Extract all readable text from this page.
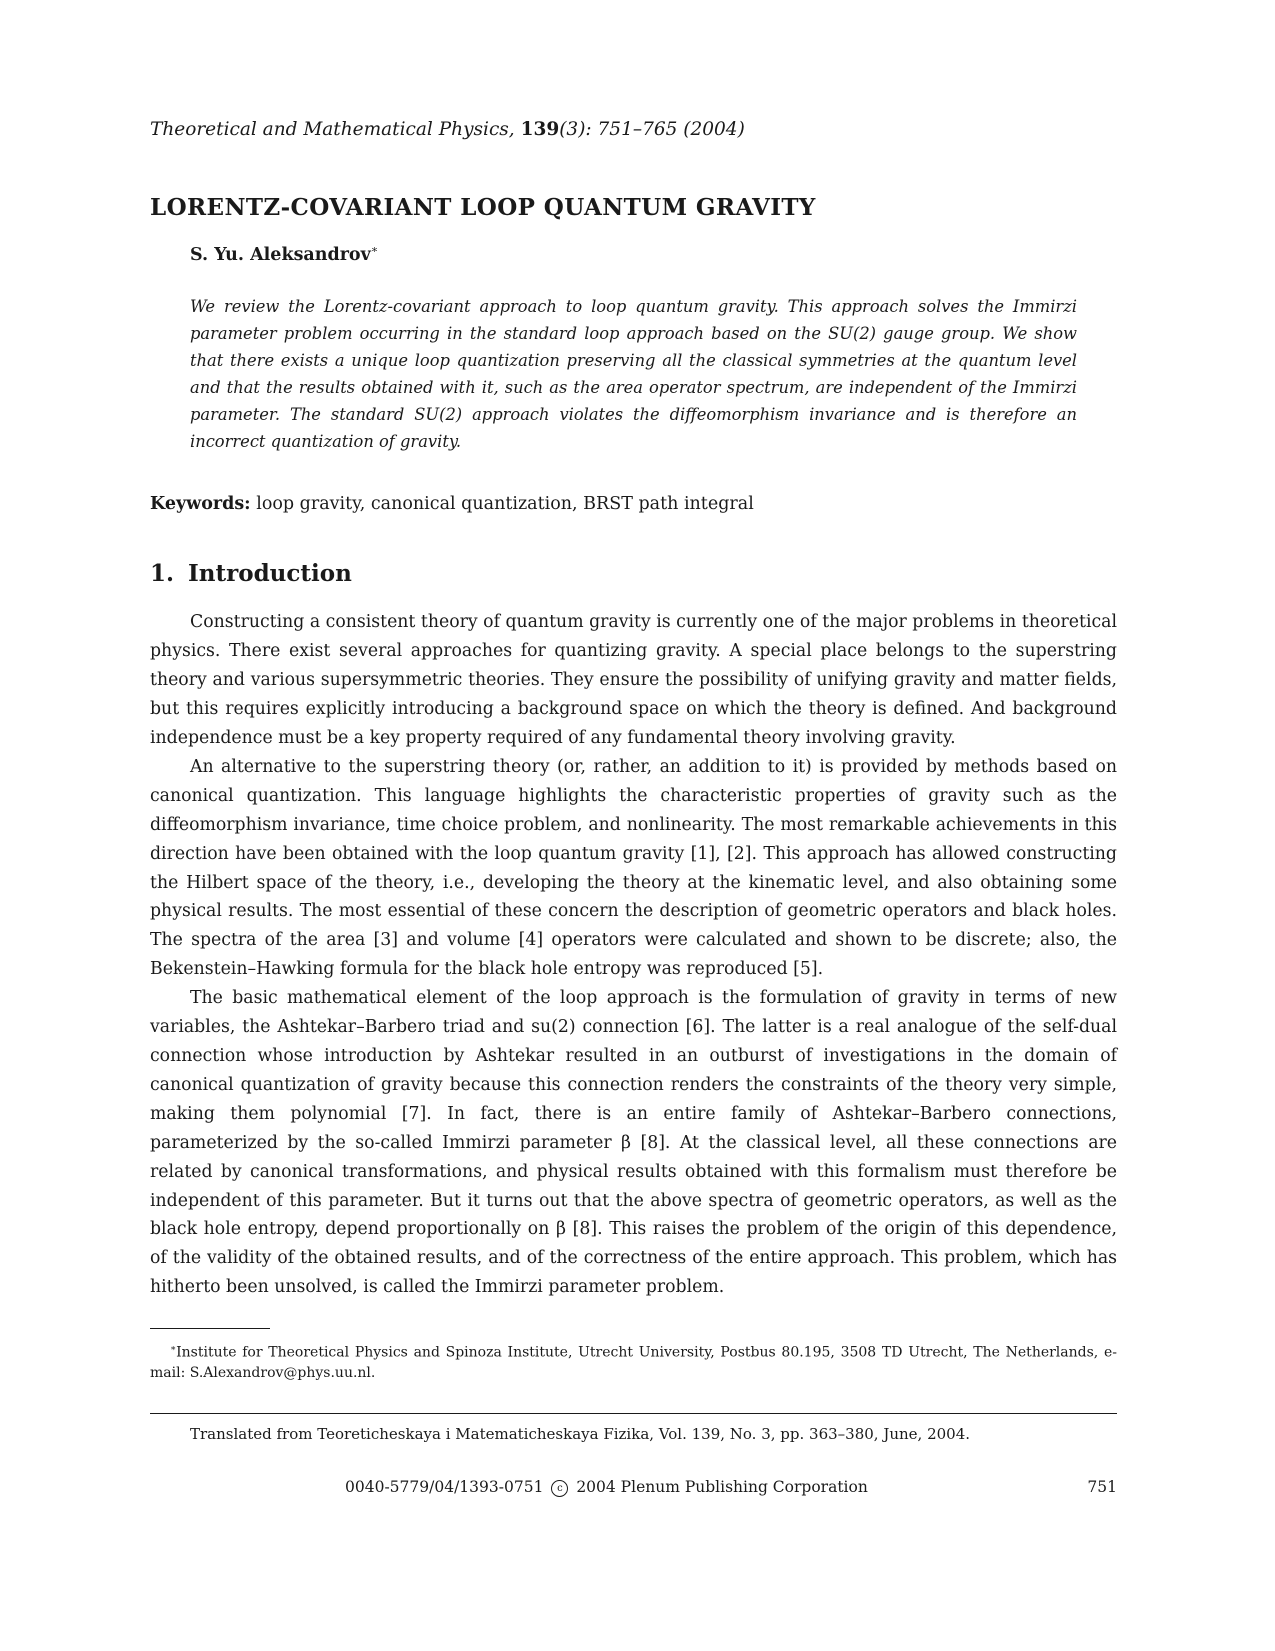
Theoretical and Mathematical Physics, 139(3): 751–765 (2004)

LORENTZ-COVARIANT LOOP QUANTUM GRAVITY
S. Yu. Aleksandrov∗

We review the Lorentz-covariant approach to loop quantum gravity. This approach solves the Immirzi parameter problem occurring in the standard loop approach based on the SU(2) gauge group. We show that there exists a unique loop quantization preserving all the classical symmetries at the quantum level and that the results obtained with it, such as the area operator spectrum, are independent of the Immirzi parameter. The standard SU(2) approach violates the diffeomorphism invariance and is therefore an incorrect quantization of gravity.

Keywords: loop gravity, canonical quantization, BRST path integral

1. Introduction

Constructing a consistent theory of quantum gravity is currently one of the major problems in theoretical physics. There exist several approaches for quantizing gravity. A special place belongs to the superstring theory and various supersymmetric theories. They ensure the possibility of unifying gravity and matter fields, but this requires explicitly introducing a background space on which the theory is defined. And background independence must be a key property required of any fundamental theory involving gravity.

An alternative to the superstring theory (or, rather, an addition to it) is provided by methods based on canonical quantization. This language highlights the characteristic properties of gravity such as the diffeomorphism invariance, time choice problem, and nonlinearity. The most remarkable achievements in this direction have been obtained with the loop quantum gravity [1], [2]. This approach has allowed constructing the Hilbert space of the theory, i.e., developing the theory at the kinematic level, and also obtaining some physical results. The most essential of these concern the description of geometric operators and black holes. The spectra of the area [3] and volume [4] operators were calculated and shown to be discrete; also, the Bekenstein–Hawking formula for the black hole entropy was reproduced [5].

The basic mathematical element of the loop approach is the formulation of gravity in terms of new variables, the Ashtekar–Barbero triad and su(2) connection [6]. The latter is a real analogue of the self-dual connection whose introduction by Ashtekar resulted in an outburst of investigations in the domain of canonical quantization of gravity because this connection renders the constraints of the theory very simple, making them polynomial [7]. In fact, there is an entire family of Ashtekar–Barbero connections, parameterized by the so-called Immirzi parameter β [8]. At the classical level, all these connections are related by canonical transformations, and physical results obtained with this formalism must therefore be independent of this parameter. But it turns out that the above spectra of geometric operators, as well as the black hole entropy, depend proportionally on β [8]. This raises the problem of the origin of this dependence, of the validity of the obtained results, and of the correctness of the entire approach. This problem, which has hitherto been unsolved, is called the Immirzi parameter problem.

∗Institute for Theoretical Physics and Spinoza Institute, Utrecht University, Postbus 80.195, 3508 TD Utrecht, The Netherlands, e-mail: S.Alexandrov@phys.uu.nl.

Translated from Teoreticheskaya i Matematicheskaya Fizika, Vol. 139, No. 3, pp. 363–380, June, 2004.

0040-5779/04/1393-0751 c 2004 Plenum Publishing Corporation	751
